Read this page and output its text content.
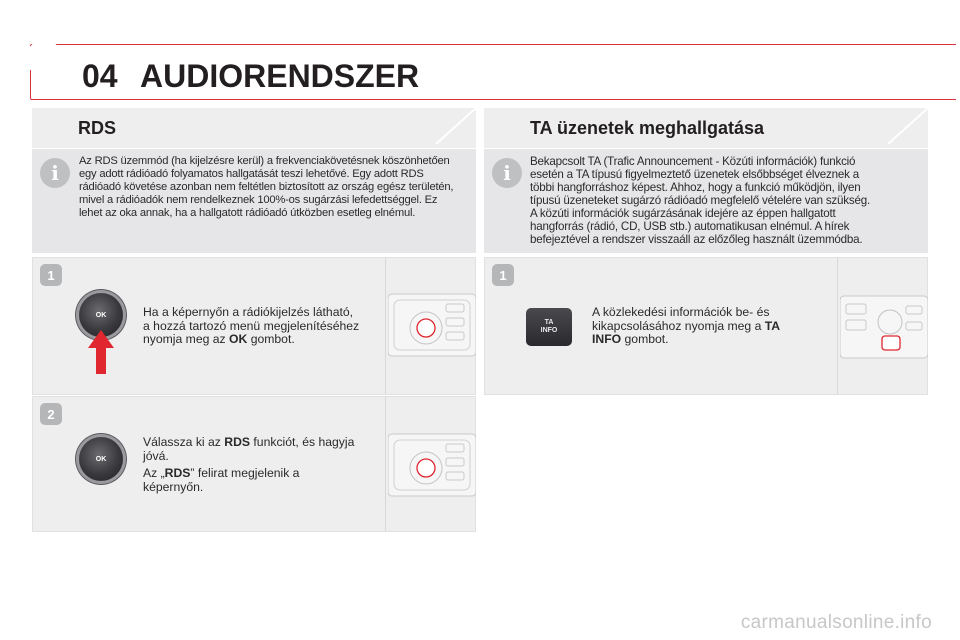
04 AUDIORENDSZER
RDS
i	Az RDS üzemmód (ha kijelzésre kerül) a frekvenciakövetésnek köszönhetően
egy adott rádióadó folyamatos hallgatását teszi lehetővé. Egy adott RDS
rádióadó követése azonban nem feltétlen biztosított az ország egész területén,
mivel a rádióadók nem rendelkeznek 100%-os sugárzási lefedettséggel. Ez
lehet az oka annak, ha a hallgatott rádióadó útközben esetleg elnémul.
1
OK	Ha a képernyőn a rádiókijelzés látható,
a hozzá tartozó menü megjelenítéséhez
nyomja meg az OK gombot.
2
OK

Válassza ki az RDS funkciót, és hagyja
jóvá.

Az „RDS” felirat megjelenik a
képernyőn.

TA üzenetek meghallgatása
i	Bekapcsolt TA (Trafic Announcement - Közúti információk) funkció
esetén a TA típusú figyelmeztető üzenetek elsőbbséget élveznek a
többi hangforráshoz képest. Ahhoz, hogy a funkció működjön, ilyen
típusú üzeneteket sugárzó rádióadó megfelelő vételére van szükség.
A közúti információk sugárzásának idejére az éppen hallgatott
hangforrás (rádió, CD, USB stb.) automatikusan elnémul. A hírek
befejeztével a rendszer visszaáll az előzőleg használt üzemmódba.
1
TA
INFO
A közlekedési információk be- és
kikapcsolásához nyomja meg a TA
INFO gombot.
carmanualsonline.info
